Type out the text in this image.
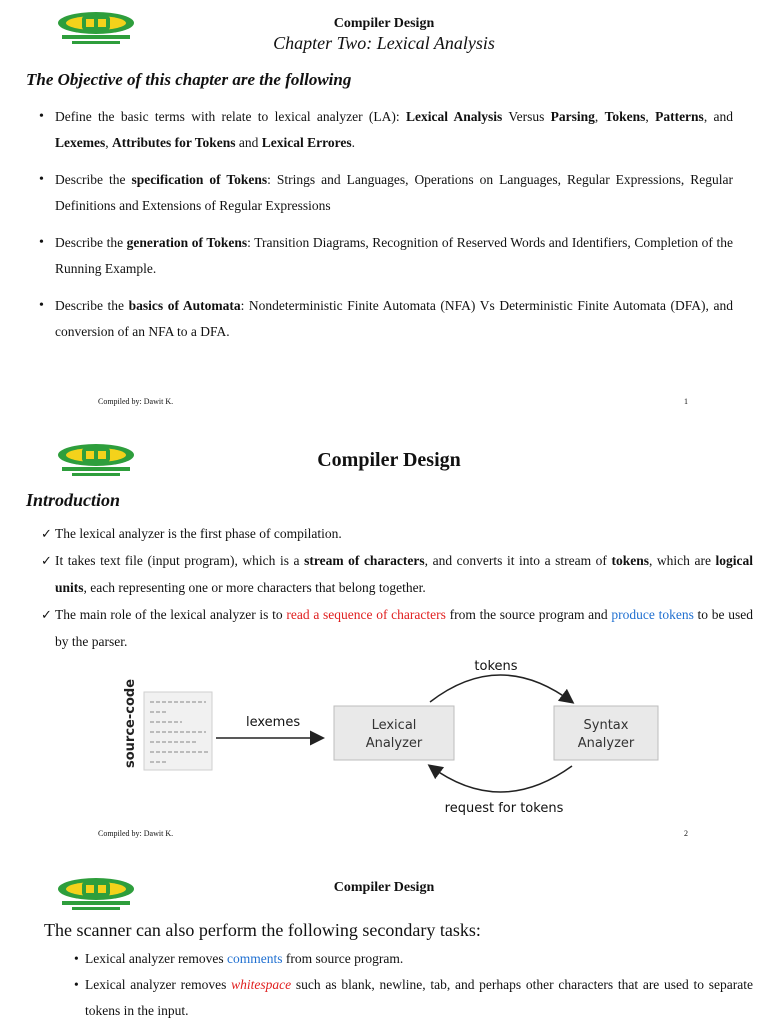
Compiler Design
Chapter Two: Lexical Analysis
The Objective of this chapter are the following
• Define the basic terms with relate to lexical analyzer (LA): Lexical Analysis Versus Parsing, Tokens, Patterns, and Lexemes, Attributes for Tokens and Lexical Errores.
• Describe the specification of Tokens: Strings and Languages, Operations on Languages, Regular Expressions, Regular Definitions and Extensions of Regular Expressions
• Describe the generation of Tokens: Transition Diagrams, Recognition of Reserved Words and Identifiers, Completion of the Running Example.
• Describe the basics of Automata: Nondeterministic Finite Automata (NFA) Vs Deterministic Finite Automata (DFA), and conversion of an NFA to a DFA.
Compiled by: Dawit K.	1
Compiler Design
Introduction
✓ The lexical analyzer is the first phase of compilation.
✓ It takes text file (input program), which is a stream of characters, and converts it into a stream of tokens, which are logical units, each representing one or more characters that belong together.
✓ The main role of the lexical analyzer is to read a sequence of characters from the source program and produce tokens to be used by the parser.
source-code	lexemes	Lexical
Analyzer
Syntax
Analyzer
tokens
request for tokens
Compiled by: Dawit K.	2
Compiler Design
The scanner can also perform the following secondary tasks:
• Lexical analyzer removes comments from source program.
• Lexical analyzer removes whitespace such as blank, newline, tab, and perhaps other characters that are used to separate tokens in the input.
